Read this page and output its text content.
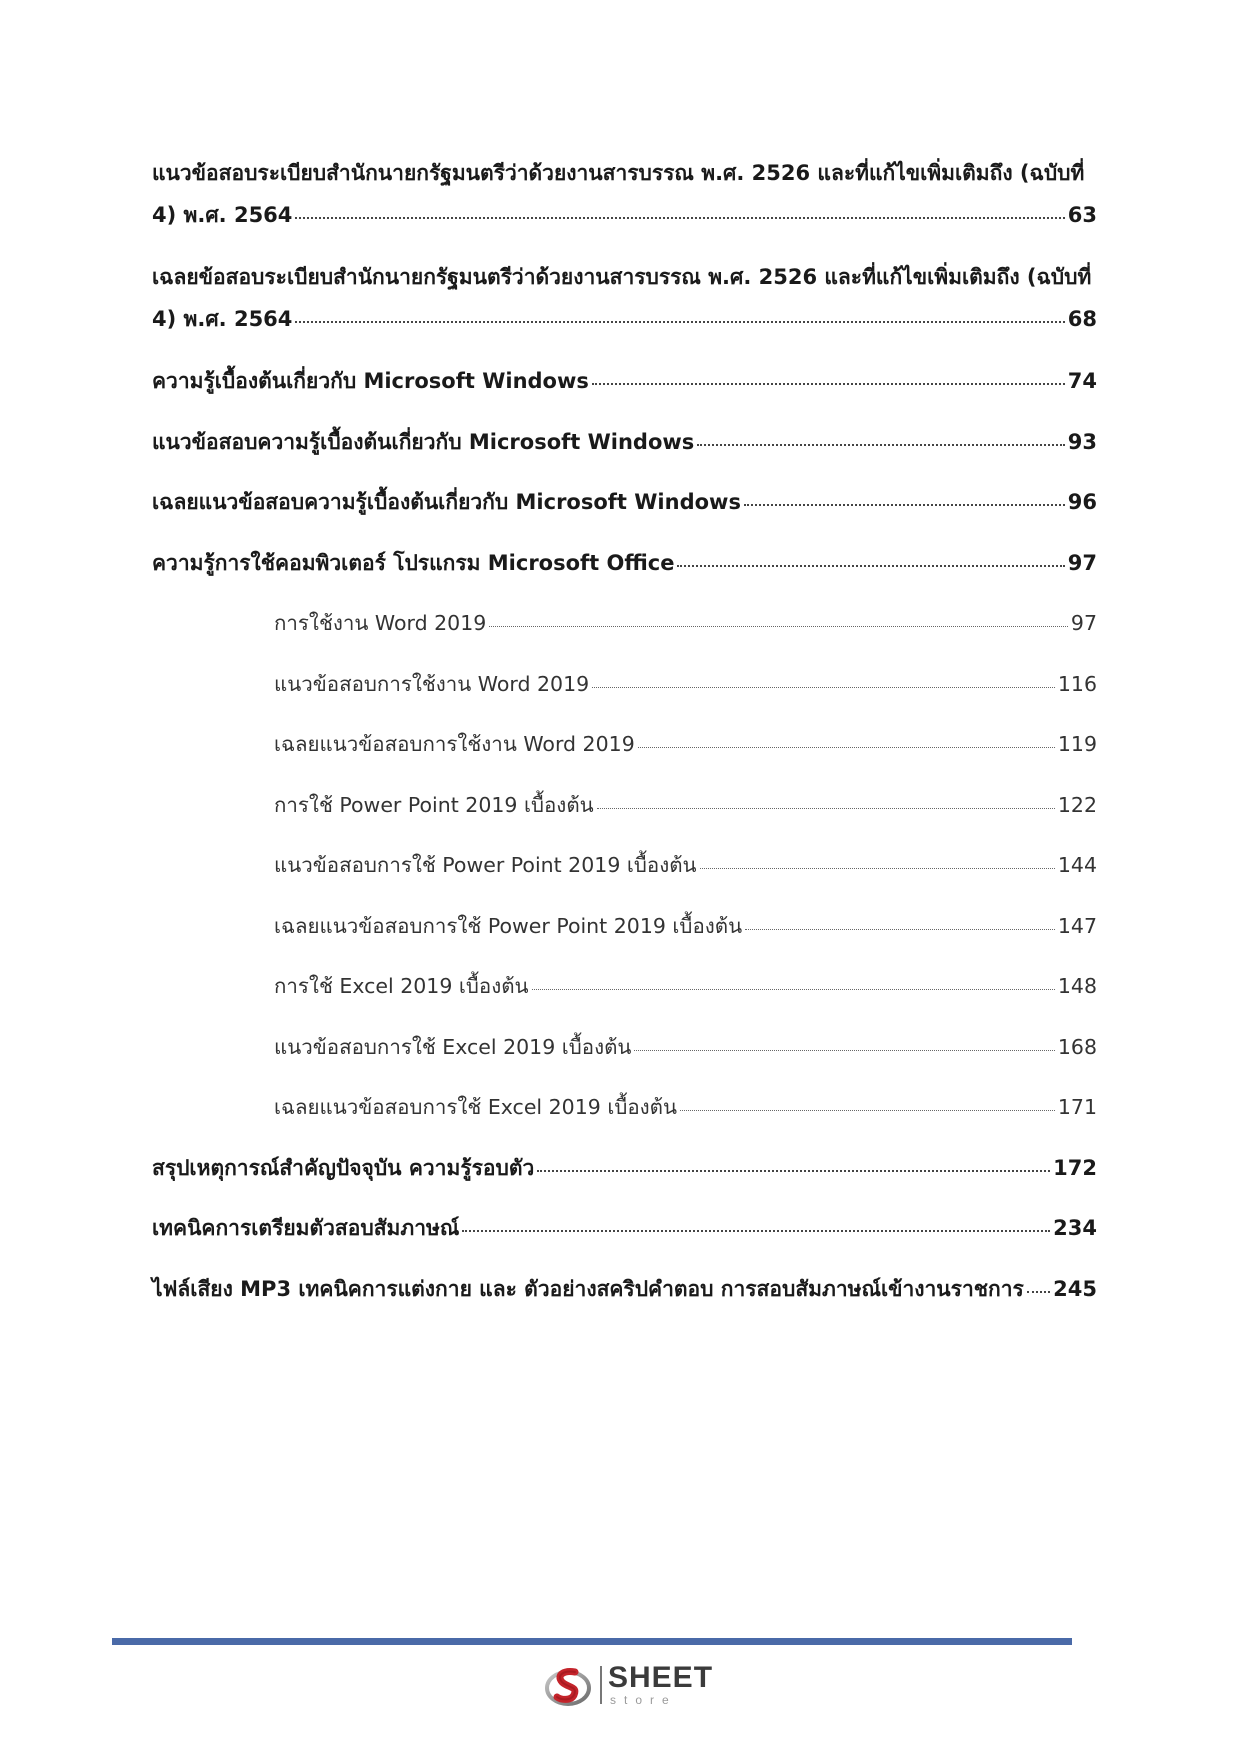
แนวข้อสอบระเบียบสำนักนายกรัฐมนตรีว่าด้วยงานสารบรรณ พ.ศ. 2526 และที่แก้ไขเพิ่มเติมถึง (ฉบับที่
4) พ.ศ. 2564	63
เฉลยข้อสอบระเบียบสำนักนายกรัฐมนตรีว่าด้วยงานสารบรรณ พ.ศ. 2526 และที่แก้ไขเพิ่มเติมถึง (ฉบับที่
4) พ.ศ. 2564	68
ความรู้เบื้องต้นเกี่ยวกับ Microsoft Windows	74
แนวข้อสอบความรู้เบื้องต้นเกี่ยวกับ Microsoft Windows	93
เฉลยแนวข้อสอบความรู้เบื้องต้นเกี่ยวกับ Microsoft Windows	96
ความรู้การใช้คอมพิวเตอร์ โปรแกรม Microsoft Office	97
การใช้งาน Word 2019	97
แนวข้อสอบการใช้งาน Word 2019	116
เฉลยแนวข้อสอบการใช้งาน Word 2019	119
การใช้ Power Point 2019 เบื้องต้น	122
แนวข้อสอบการใช้ Power Point 2019 เบื้องต้น	144
เฉลยแนวข้อสอบการใช้ Power Point 2019 เบื้องต้น	147
การใช้ Excel 2019 เบื้องต้น	148
แนวข้อสอบการใช้ Excel 2019 เบื้องต้น	168
เฉลยแนวข้อสอบการใช้ Excel 2019 เบื้องต้น	171
สรุปเหตุการณ์สำคัญปัจจุบัน ความรู้รอบตัว	172
เทคนิคการเตรียมตัวสอบสัมภาษณ์	234
ไฟล์เสียง MP3 เทคนิคการแต่งกาย และ ตัวอย่างสคริปคำตอบ การสอบสัมภาษณ์เข้างานราชการ 245
SHEET
store
